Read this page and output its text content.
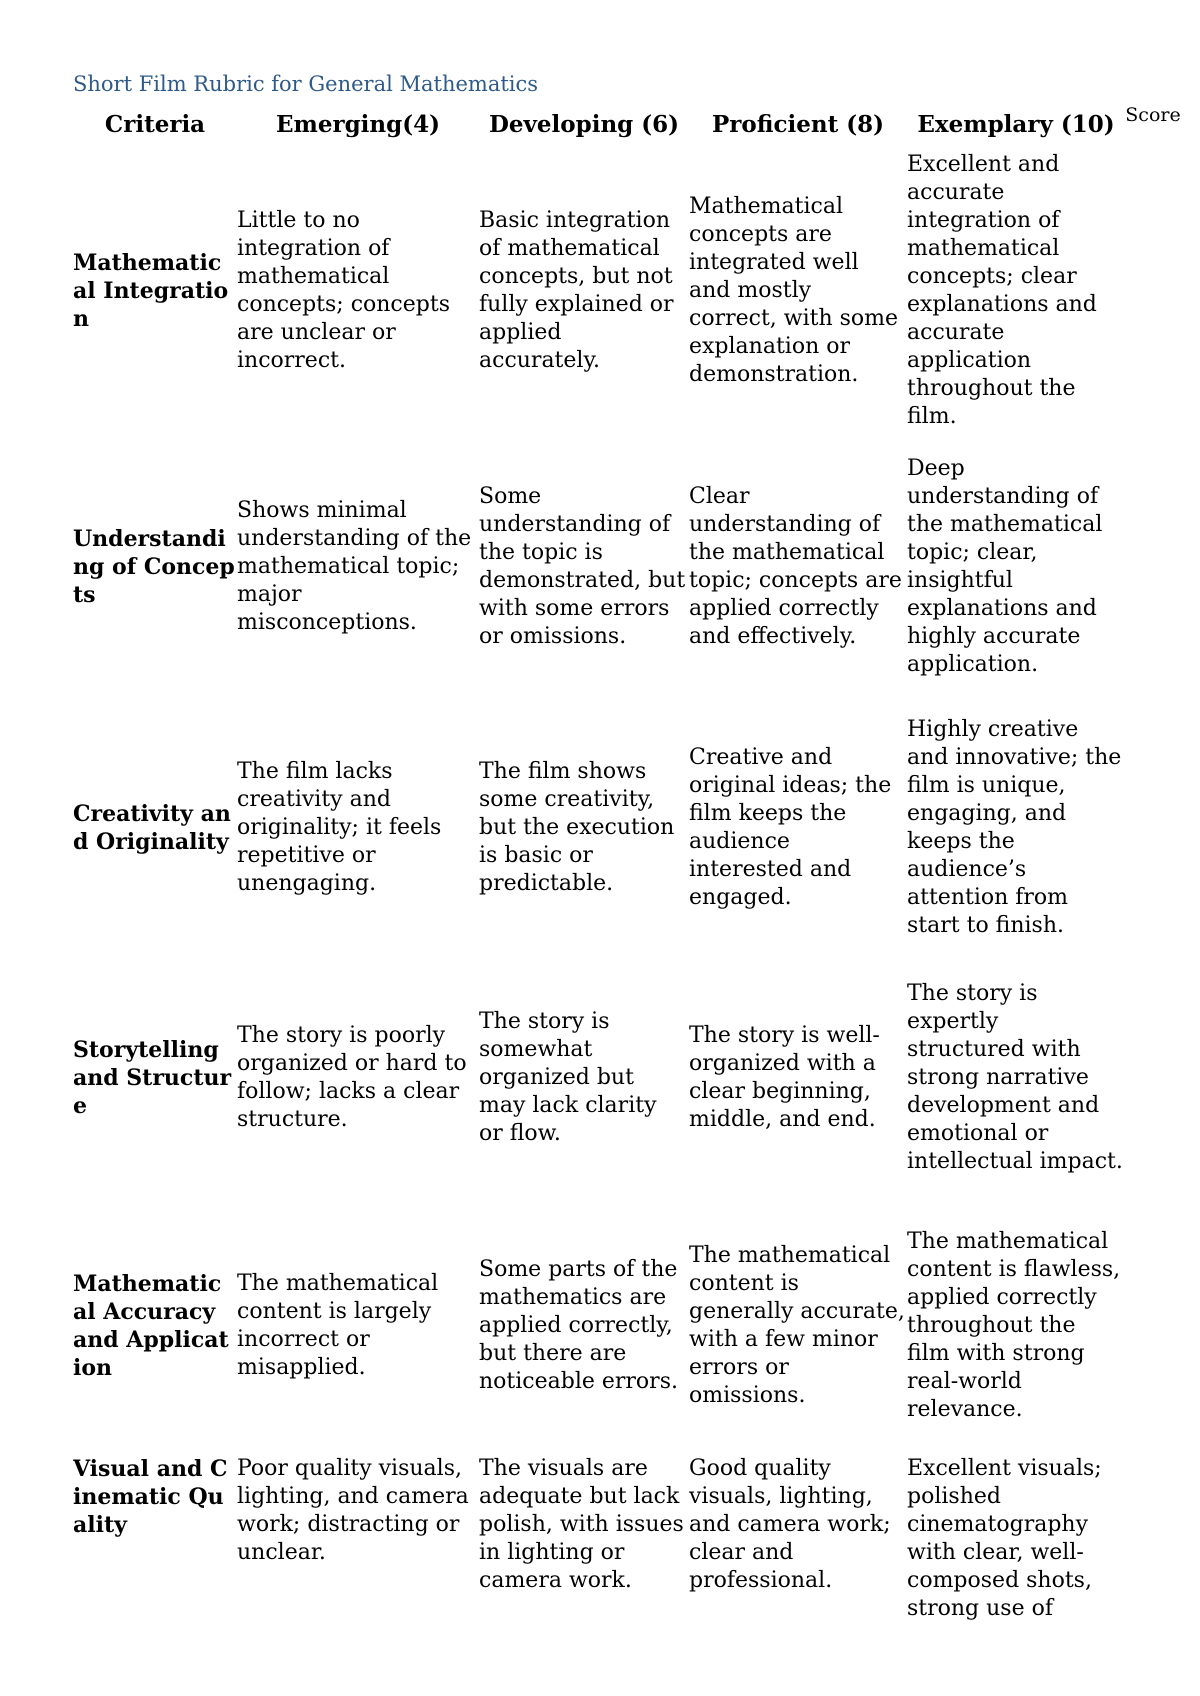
Short Film Rubric for General Mathematics
Criteria	Emerging(4)	Developing (6)	Proficient (8)	Exemplary (10)	Score
Mathematical Integration	Little to no integration of mathematical concepts; concepts are unclear or incorrect.	Basic integration of mathematical concepts, but not fully explained or applied accurately.	Mathematical concepts are integrated well and mostly correct, with some explanation or demonstration.	Excellent and accurate integration of mathematical concepts; clear explanations and accurate application throughout the film.	
Understanding of Concepts	Shows minimal understanding of the mathematical topic; major misconceptions.	Some understanding of the topic is demonstrated, but with some errors or omissions.	Clear understanding of the mathematical topic; concepts are applied correctly and effectively.	Deep understanding of the mathematical topic; clear, insightful explanations and highly accurate application.	
Creativity and Originality	The film lacks creativity and originality; it feels repetitive or unengaging.	The film shows some creativity, but the execution is basic or predictable.	Creative and original ideas; the film keeps the audience interested and engaged.	Highly creative and innovative; the film is unique, engaging, and keeps the audience’s attention from start to finish.	
Storytelling and Structure	The story is poorly organized or hard to follow; lacks a clear structure.	The story is somewhat organized but may lack clarity or flow.	The story is well-organized with a clear beginning, middle, and end.	The story is expertly structured with strong narrative development and emotional or intellectual impact.	
Mathematical Accuracy and Application	The mathematical content is largely incorrect or misapplied.	Some parts of the mathematics are applied correctly, but there are noticeable errors.	The mathematical content is generally accurate, with a few minor errors or omissions.	The mathematical content is flawless, applied correctly throughout the film with strong real-world relevance.	
Visual and Cinematic Quality	Poor quality visuals, lighting, and camera work; distracting or unclear.	The visuals are adequate but lack polish, with issues in lighting or camera work.	Good quality visuals, lighting, and camera work; clear and professional.	Excellent visuals; polished cinematography with clear, well-composed shots, strong use of	
